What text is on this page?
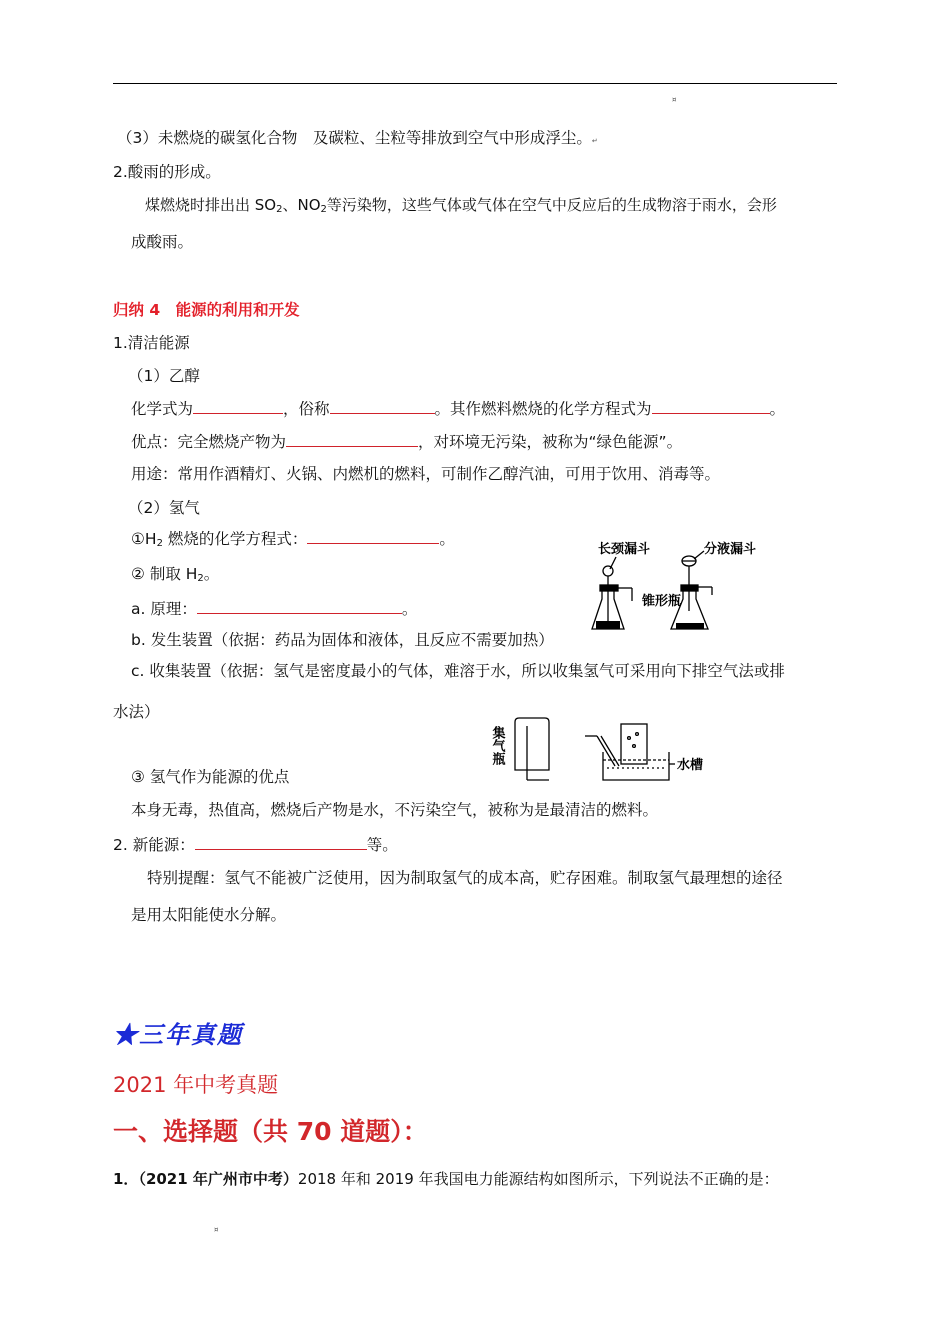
¤
（3）未燃烧的碳氢化合物　及碳粒、尘粒等排放到空气中形成浮尘。↵
2.酸雨的形成。
煤燃烧时排出出 $SO_2$、$NO_2$等污染物，这些气体或气体在空气中反应后的生成物溶于雨水，会形
成酸雨。
归纳 4　能源的利用和开发
1.清洁能源
（1）乙醇
化学式为	，俗称	。其作燃料燃烧的化学方程式为	。
优点：完全燃烧产物为	，对环境无污染，被称为“绿色能源”。
用途：常用作酒精灯、火锅、内燃机的燃料，可制作乙醇汽油，可用于饮用、消毒等。
（2）氢气
$①H_2$ 燃烧的化学方程式：	。
② 制取 $H_2$。
a. 原理：	。
b. 发生装置（依据：药品为固体和液体，且反应不需要加热）
c. 收集装置（依据：氢气是密度最小的气体，难溶于水，所以收集氢气可采用向下排空气法或排
水法）
③ 氢气作为能源的优点
本身无毒，热值高，燃烧后产物是水，不污染空气，被称为是最清洁的燃料。
2. 新能源：	等。
特别提醒：氢气不能被广泛使用，因为制取氢气的成本高，贮存困难。制取氢气最理想的途径
是用太阳能使水分解。
长颈漏斗	分液漏斗
锥形瓶
集气瓶
水槽
★三年真题
2021 年中考真题
一、选择题（共 70 道题）：
1．（2021 年广州市中考）2018 年和 2019 年我国电力能源结构如图所示，下列说法不正确的是：
¤
